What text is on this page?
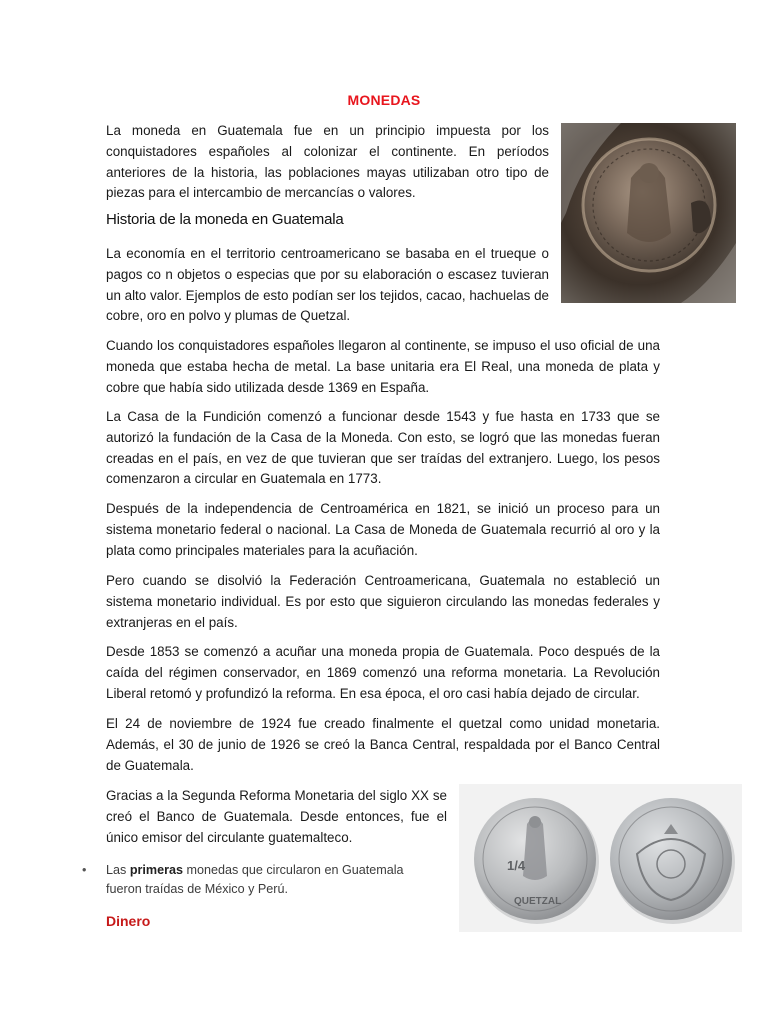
MONEDAS

La moneda en Guatemala fue en un principio impuesta por los conquistadores españoles al colonizar el continente. En períodos anteriores de la historia, las poblaciones mayas utilizaban otro tipo de piezas para el intercambio de mercancías o valores.

Historia de la moneda en Guatemala

La economía en el territorio centroamericano se basaba en el trueque o pagos co n objetos o especias que por su elaboración o escasez tuvieran un alto valor. Ejemplos de esto podían ser los tejidos, cacao, hachuelas de cobre, oro en polvo y plumas de Quetzal.

Cuando los conquistadores españoles llegaron al continente, se impuso el uso oficial de una moneda que estaba hecha de metal. La base unitaria era El Real, una moneda de plata y cobre que había sido utilizada desde 1369 en España.

La Casa de la Fundición comenzó a funcionar desde 1543 y fue hasta en 1733 que se autorizó la fundación de la Casa de la Moneda. Con esto, se logró que las monedas fueran creadas en el país, en vez de que tuvieran que ser traídas del extranjero. Luego, los pesos comenzaron a circular en Guatemala en 1773.

Después de la independencia de Centroamérica en 1821, se inició un proceso para un sistema monetario federal o nacional. La Casa de Moneda de Guatemala recurrió al oro y la plata como principales materiales para la acuñación.

Pero cuando se disolvió la Federación Centroamericana, Guatemala no estableció un sistema monetario individual. Es por esto que siguieron circulando las monedas federales y extranjeras en el país.

Desde 1853 se comenzó a acuñar una moneda propia de Guatemala. Poco después de la caída del régimen conservador, en 1869 comenzó una reforma monetaria. La Revolución Liberal retomó y profundizó la reforma. En esa época, el oro casi había dejado de circular.

El 24 de noviembre de 1924 fue creado finalmente el quetzal como unidad monetaria. Además, el 30 de junio de 1926 se creó la Banca Central, respaldada por el Banco Central de Guatemala.

Gracias a la Segunda Reforma Monetaria del siglo XX se creó el Banco de Guatemala. Desde entonces, fue el único emisor del circulante guatemalteco.

1/4
QUETZAL
• Las primeras monedas que circularon en Guatemala fueron traídas de México y Perú.
Dinero
